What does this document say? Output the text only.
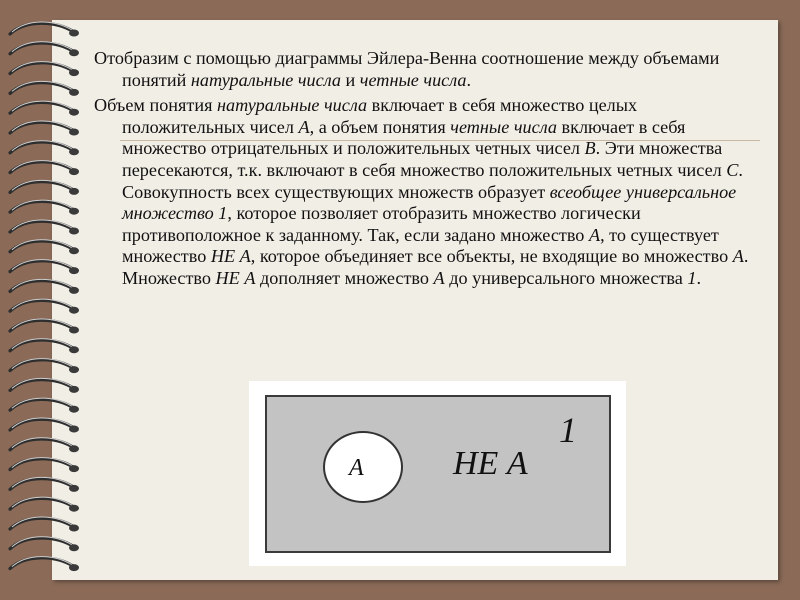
Отобразим с помощью диаграммы Эйлера-Венна соотношение между объемами понятий натуральные числа и четные числа.

Объем понятия натуральные числа включает в себя множество целых положительных чисел А, а объем понятия четные числа включает в себя множество отрицательных и положительных четных чисел В. Эти множества пересекаются, т.к. включают в себя множество положительных четных чисел С. Совокупность всех существующих множеств образует всеобщее универсальное множество 1, которое позволяет отобразить множество логически противоположное к заданному. Так, если задано множество А, то существует множество НЕ А, которое объединяет все объекты, не входящие во множество А. Множество НЕ А дополняет множество А до универсального множества 1.

A	НЕ А
1
